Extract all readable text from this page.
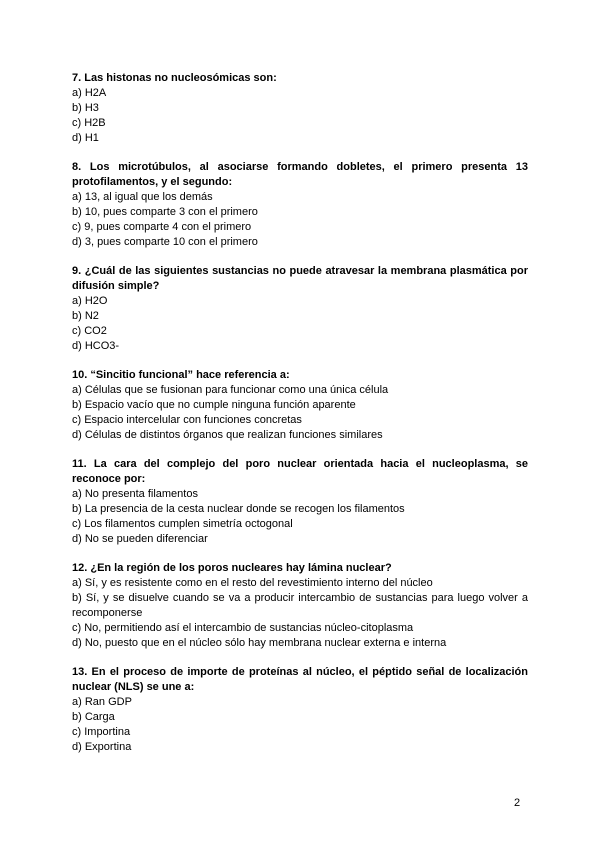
7. Las histonas no nucleosómicas son:

a) H2A

b) H3

c) H2B

d) H1

8. Los microtúbulos, al asociarse formando dobletes, el primero presenta 13 protofilamentos, y el segundo:

a) 13, al igual que los demás

b) 10, pues comparte 3 con el primero

c) 9, pues comparte 4 con el primero

d) 3, pues comparte 10 con el primero

9. ¿Cuál de las siguientes sustancias no puede atravesar la membrana plasmática por difusión simple?

a) H2O

b) N2

c) CO2

d) HCO3-

10. “Sincitio funcional” hace referencia a:

a) Células que se fusionan para funcionar como una única célula

b) Espacio vacío que no cumple ninguna función aparente

c) Espacio intercelular con funciones concretas

d) Células de distintos órganos que realizan funciones similares

11. La cara del complejo del poro nuclear orientada hacia el nucleoplasma, se reconoce por:

a) No presenta filamentos

b) La presencia de la cesta nuclear donde se recogen los filamentos

c) Los filamentos cumplen simetría octogonal

d) No se pueden diferenciar

12. ¿En la región de los poros nucleares hay lámina nuclear?

a) Sí, y es resistente como en el resto del revestimiento interno del núcleo

b) Sí, y se disuelve cuando se va a producir intercambio de sustancias para luego volver a recomponerse

c) No, permitiendo así el intercambio de sustancias núcleo-citoplasma

d) No, puesto que en el núcleo sólo hay membrana nuclear externa e interna

13. En el proceso de importe de proteínas al núcleo, el péptido señal de localización nuclear (NLS) se une a:

a) Ran GDP

b) Carga

c) Importina

d) Exportina

2
